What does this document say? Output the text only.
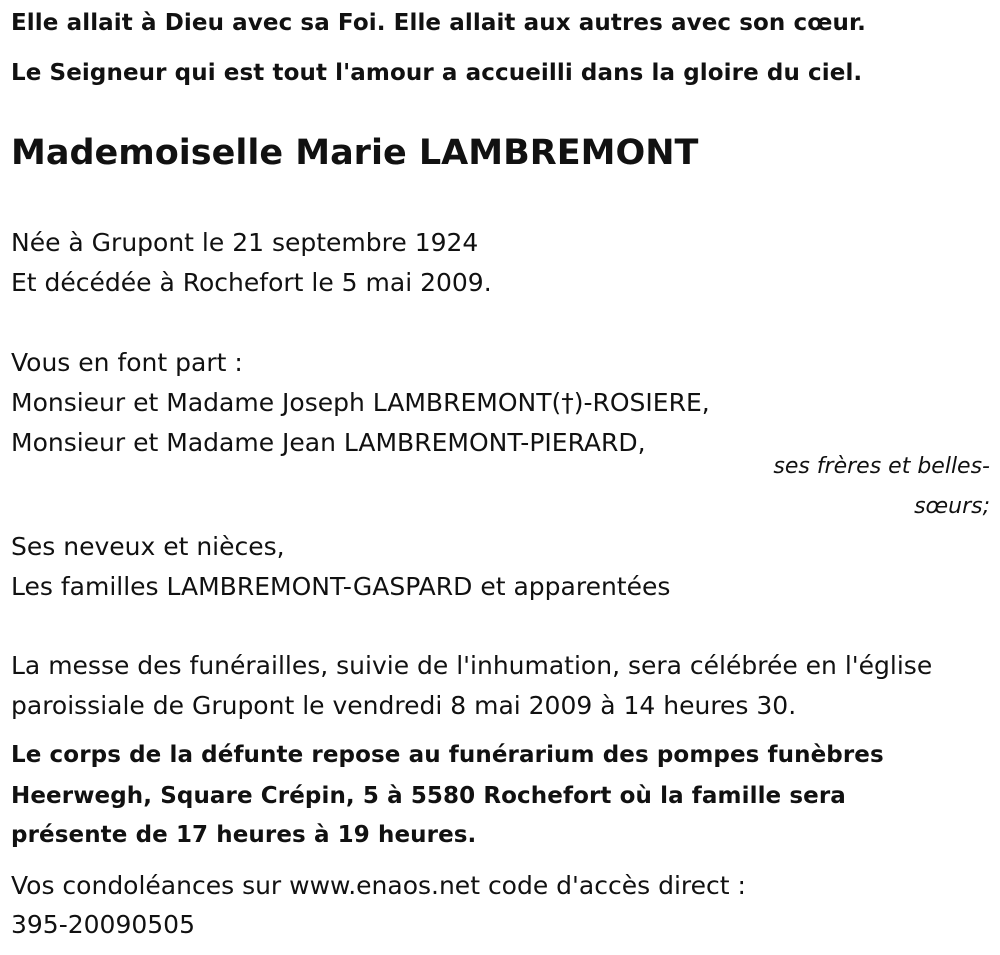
Elle allait à Dieu avec sa Foi. Elle allait aux autres avec son cœur.

Le Seigneur qui est tout l'amour a accueilli dans la gloire du ciel.

Mademoiselle Marie LAMBREMONT

Née à Grupont le 21 septembre 1924

Et décédée à Rochefort le 5 mai 2009.

Vous en font part :

Monsieur et Madame Joseph LAMBREMONT(†)-ROSIERE,

Monsieur et Madame Jean LAMBREMONT-PIERARD,

ses frères et belles-

sœurs;

Ses neveux et nièces,

Les familles LAMBREMONT-GASPARD et apparentées

La messe des funérailles, suivie de l'inhumation, sera célébrée en l'église

paroissiale de Grupont le vendredi 8 mai 2009 à 14 heures 30.

Le corps de la défunte repose au funérarium des pompes funèbres

Heerwegh, Square Crépin, 5 à 5580 Rochefort où la famille sera

présente de 17 heures à 19 heures.

Vos condoléances sur www.enaos.net code d'accès direct :

395-20090505
